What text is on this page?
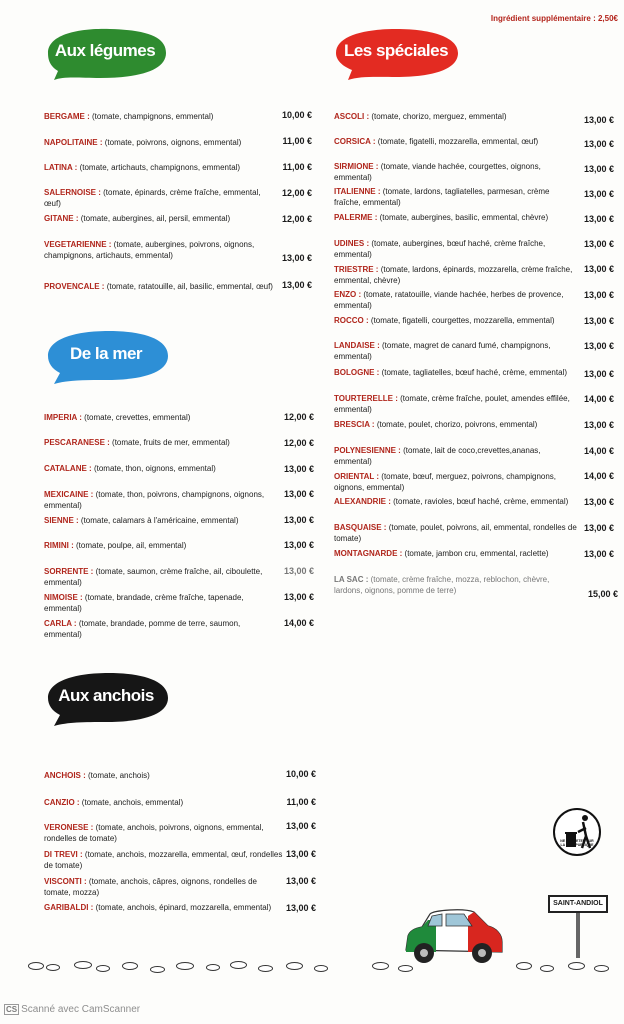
Ingrédient supplémentaire : 2,50€
Aux légumes	Les spéciales
De la mer
Aux anchois
BERGAME : (tomate, champignons, emmental)	10,00 €
NAPOLITAINE : (tomate, poivrons, oignons, emmental)	11,00 €
LATINA : (tomate, artichauts, champignons, emmental)	11,00 €
SALERNOISE : (tomate, épinards, crème fraîche, emmental, œuf)
12,00 €
GITANE : (tomate, aubergines, ail, persil, emmental)	12,00 €
VEGETARIENNE : (tomate, aubergines, poivrons, oignons, champignons, artichauts, emmental)	13,00 €
PROVENCALE : (tomate, ratatouille, ail, basilic, emmental, œuf)	13,00 €
IMPERIA : (tomate, crevettes, emmental)	12,00 €
PESCARANESE : (tomate, fruits de mer, emmental)	12,00 €
CATALANE : (tomate, thon, oignons, emmental)	13,00 €
MEXICAINE : (tomate, thon, poivrons, champignons, oignons, emmental)
13,00 €
SIENNE : (tomate, calamars à l'américaine, emmental)	13,00 €
RIMINI : (tomate, poulpe, ail, emmental)	13,00 €
SORRENTE : (tomate, saumon, crème fraîche, ail, ciboulette, emmental)
13,00 €
NIMOISE : (tomate, brandade, crème fraîche, tapenade, emmental)
13,00 €
CARLA : (tomate, brandade, pomme de terre, saumon, emmental)
14,00 €
ANCHOIS : (tomate, anchois)	10,00 €
CANZIO : (tomate, anchois, emmental)	11,00 €
VERONESE : (tomate, anchois, poivrons, oignons, emmental, rondelles de tomate)
13,00 €
DI TREVI : (tomate, anchois, mozzarella, emmental, œuf, rondelles de tomate)
13,00 €
VISCONTI : (tomate, anchois, câpres, oignons, rondelles de tomate, mozza)
13,00 €
GARIBALDI : (tomate, anchois, épinard, mozzarella, emmental)	13,00 €
ASCOLI : (tomate, chorizo, merguez, emmental)	13,00 €
CORSICA : (tomate, figatelli, mozzarella, emmental, œuf)	13,00 €
SIRMIONE : (tomate, viande hachée, courgettes, oignons, emmental)
13,00 €
ITALIENNE : (tomate, lardons, tagliatelles, parmesan, crème fraîche, emmental)
13,00 €
PALERME : (tomate, aubergines, basilic, emmental, chèvre)	13,00 €
UDINES : (tomate, aubergines, bœuf haché, crème fraîche, emmental)
13,00 €
TRIESTRE : (tomate, lardons, épinards, mozzarella, crème fraîche, emmental, chèvre)
13,00 €
ENZO : (tomate, ratatouille, viande hachée, herbes de provence, emmental)
13,00 €
ROCCO : (tomate, figatelli, courgettes, mozzarella, emmental)	13,00 €
LANDAISE : (tomate, magret de canard fumé, champignons, emmental)
13,00 €
BOLOGNE : (tomate, tagliatelles, bœuf haché, crème, emmental)	13,00 €
TOURTERELLE : (tomate, crème fraîche, poulet, amendes effilée, emmental)
14,00 €
BRESCIA : (tomate, poulet, chorizo, poivrons, emmental)	13,00 €
POLYNESIENNE : (tomate, lait de coco,crevettes,ananas, emmental)
14,00 €
ORIENTAL : (tomate, bœuf, merguez, poivrons, champignons, oignons, emmental)
14,00 €
ALEXANDRIE : (tomate, ravioles, bœuf haché, crème, emmental)	13,00 €
BASQUAISE : (tomate, poulet, poivrons, ail, emmental, rondelles de tomate)
13,00 €
MONTAGNARDE : (tomate, jambon cru, emmental, raclette)	13,00 €
LA SAC : (tomate, crème fraîche, mozza, reblochon, chèvre, lardons, oignons, pomme de terre)	15,00 €
NE PAS JETER SUR LA VOIE PUBLIQUE
SAINT-ANDIOL
CS Scanné avec CamScanner
